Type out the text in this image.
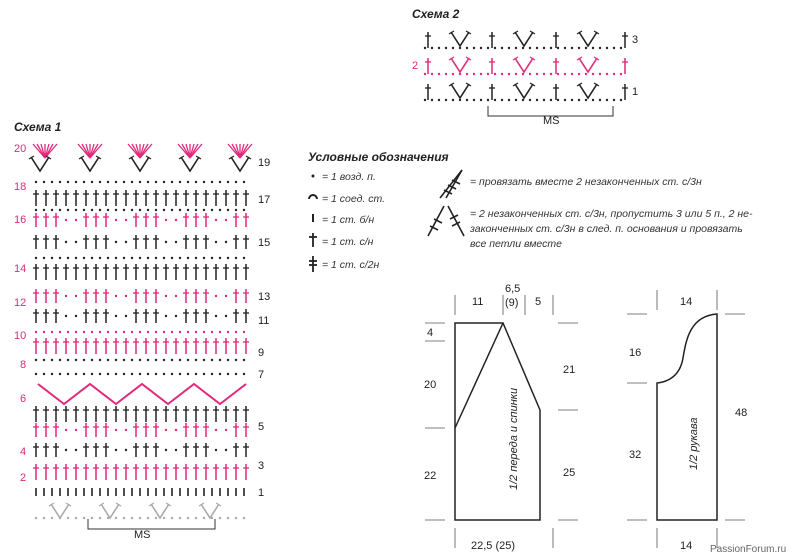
Схема 2
3
2
1
MS
Схема 1
20
18
16
14
12
10
8
6
4
2
19
17
15
13
11
9
7
5
3
1
MS
Условные обозначения
= 1 возд. п.
= 1 соед. ст.
= 1 ст. б/н
= 1 ст. с/н
= 1 ст. с/2н
= провязать вместе 2 незаконченных ст. с/3н
= 2 незаконченных ст. с/3н, пропустить 3 или 5 п., 2 не-
законченных ст. с/3н в след. п. основания и провязать
все петли вместе
11
6,5
(9) 5
4
20
22
21
25
22,5 (25)
1/2 переда и спинки
14
16
32
48
14
1/2 рукава
PassionForum.ru
